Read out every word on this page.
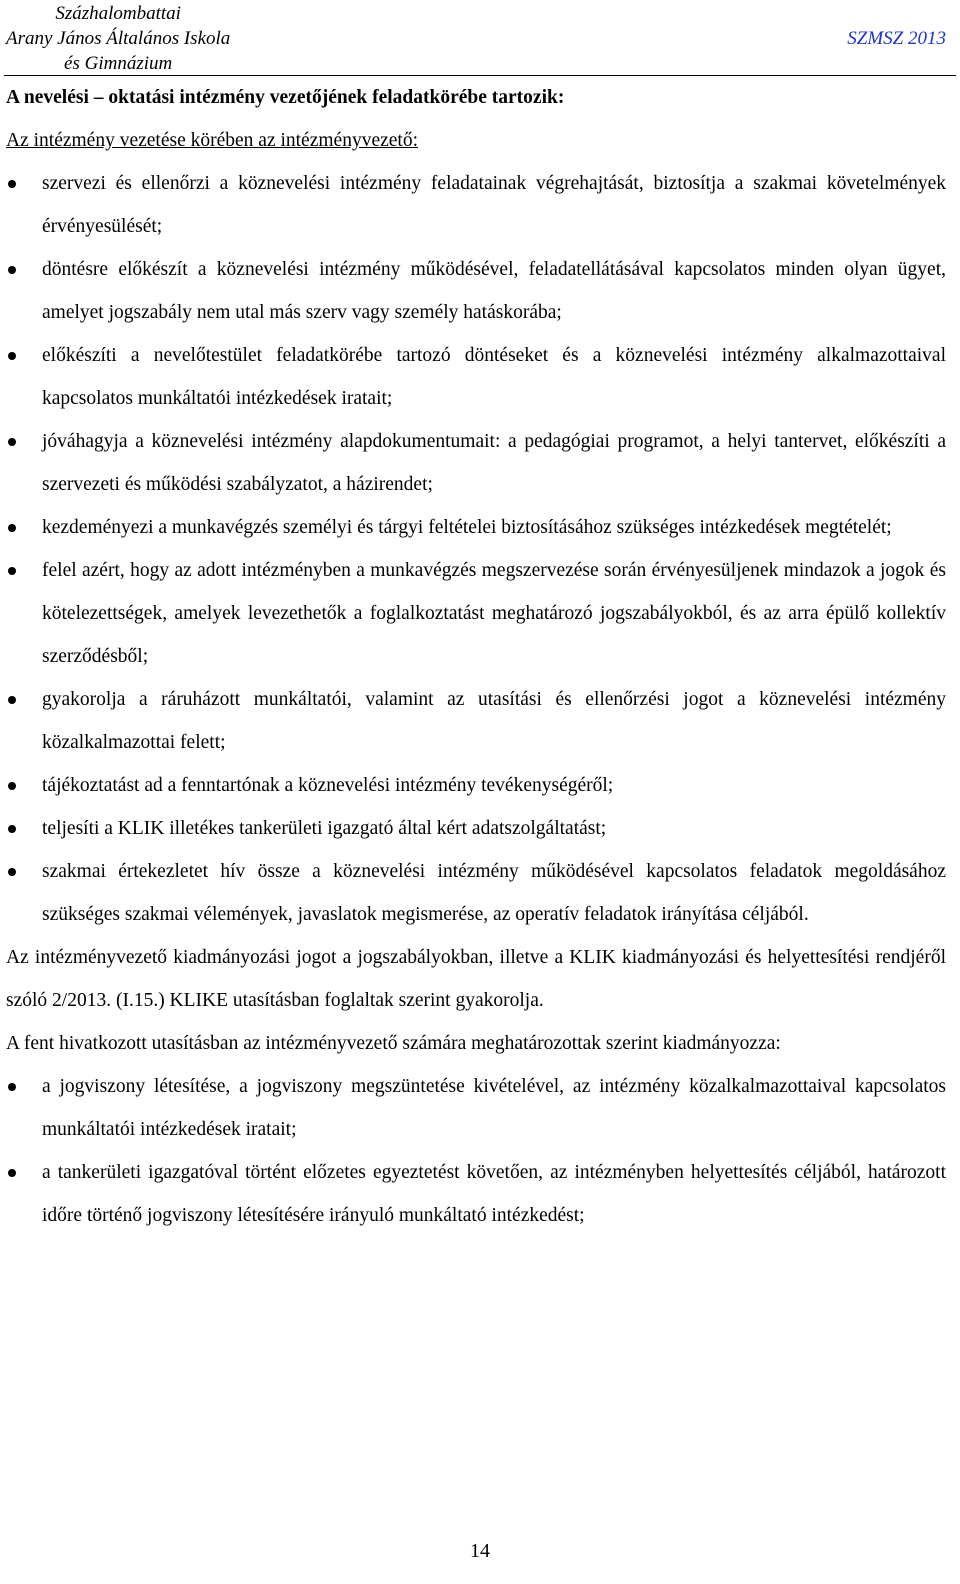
Százhalombattai
Arany János Általános Iskola
és Gimnázium
SZMSZ 2013

A nevelési – oktatási intézmény vezetőjének feladatkörébe tartozik:

Az intézmény vezetése körében az intézményvezető:

szervezi és ellenőrzi a köznevelési intézmény feladatainak végrehajtását, biztosítja a szakmai követelmények érvényesülését;
döntésre előkészít a köznevelési intézmény működésével, feladatellátásával kapcsolatos minden olyan ügyet, amelyet jogszabály nem utal más szerv vagy személy hatáskorába;
előkészíti a nevelőtestület feladatkörébe tartozó döntéseket és a köznevelési intézmény alkalmazottaival kapcsolatos munkáltatói intézkedések iratait;
jóváhagyja a köznevelési intézmény alapdokumentumait: a pedagógiai programot, a helyi tantervet, előkészíti a szervezeti és működési szabályzatot, a házirendet;
kezdeményezi a munkavégzés személyi és tárgyi feltételei biztosításához szükséges intézkedések megtételét;
felel azért, hogy az adott intézményben a munkavégzés megszervezése során érvényesüljenek mindazok a jogok és kötelezettségek, amelyek levezethetők a foglalkoztatást meghatározó jogszabályokból, és az arra épülő kollektív szerződésből;
gyakorolja a ráruházott munkáltatói, valamint az utasítási és ellenőrzési jogot a köznevelési intézmény közalkalmazottai felett;
tájékoztatást ad a fenntartónak a köznevelési intézmény tevékenységéről;
teljesíti a KLIK illetékes tankerületi igazgató által kért adatszolgáltatást;
szakmai értekezletet hív össze a köznevelési intézmény működésével kapcsolatos feladatok megoldásához szükséges szakmai vélemények, javaslatok megismerése, az operatív feladatok irányítása céljából.

Az intézményvezető kiadmányozási jogot a jogszabályokban, illetve a KLIK kiadmányozási és helyettesítési rendjéről szóló 2/2013. (I.15.) KLIKE utasításban foglaltak szerint gyakorolja.

A fent hivatkozott utasításban az intézményvezető számára meghatározottak szerint kiadmányozza:

a jogviszony létesítése, a jogviszony megszüntetése kivételével, az intézmény közalkalmazottaival kapcsolatos munkáltatói intézkedések iratait;
a tankerületi igazgatóval történt előzetes egyeztetést követően, az intézményben helyettesítés céljából, határozott időre történő jogviszony létesítésére irányuló munkáltató intézkedést;
14
